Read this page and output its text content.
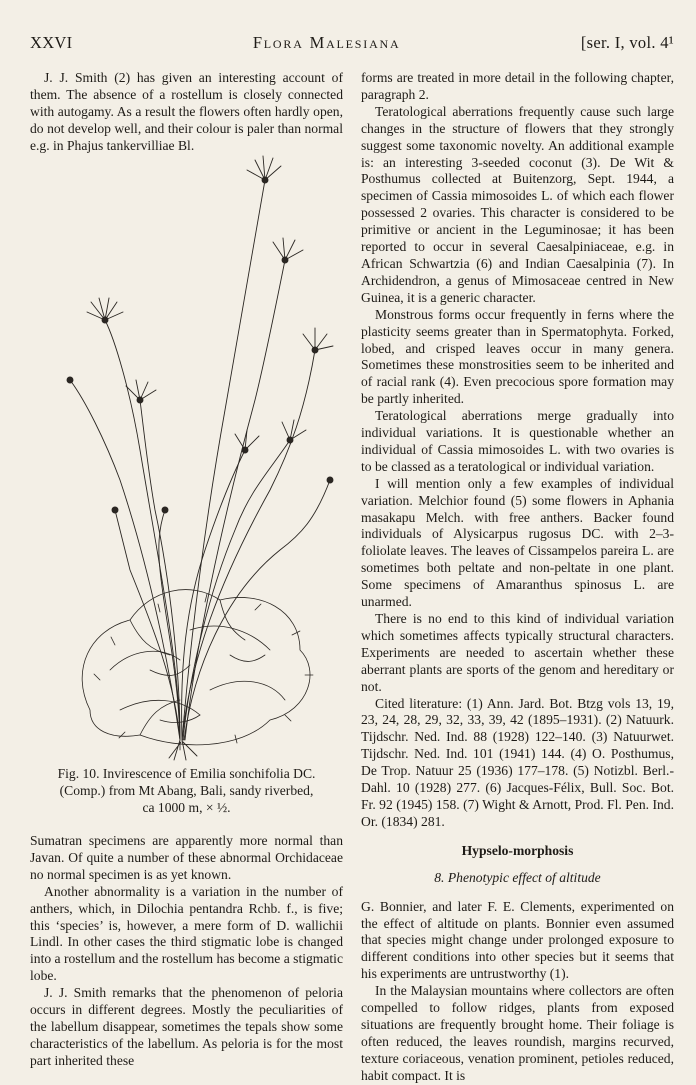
XXVI	Flora Malesiana	[ser. I, vol. 4¹

J. J. Smith (2) has given an interesting account of them. The absence of a rostellum is closely connected with autogamy. As a result the flowers often hardly open, do not develop well, and their colour is paler than normal e.g. in Phajus tankervilliae Bl.

Fig. 10. Invirescence of Emilia sonchifolia DC.
(Comp.) from Mt Abang, Bali, sandy riverbed,
ca 1000 m, × ½.

Sumatran specimens are apparently more normal than Javan. Of quite a number of these abnormal Orchidaceae no normal specimen is as yet known.

Another abnormality is a variation in the number of anthers, which, in Dilochia pentandra Rchb. f., is five; this ‘species’ is, however, a mere form of D. wallichii Lindl. In other cases the third stigmatic lobe is changed into a rostellum and the rostellum has become a stigmatic lobe.

J. J. Smith remarks that the phenomenon of peloria occurs in different degrees. Mostly the peculiarities of the labellum disappear, sometimes the tepals show some characteristics of the labellum. As peloria is for the most part inherited these

forms are treated in more detail in the following chapter, paragraph 2.

Teratological aberrations frequently cause such large changes in the structure of flowers that they strongly suggest some taxonomic novelty. An additional example is: an interesting 3-seeded coconut (3). De Wit & Posthumus collected at Buitenzorg, Sept. 1944, a specimen of Cassia mimosoides L. of which each flower possessed 2 ovaries. This character is considered to be primitive or ancient in the Leguminosae; it has been reported to occur in several Caesalpiniaceae, e.g. in African Schwartzia (6) and Indian Caesalpinia (7). In Archidendron, a genus of Mimosaceae centred in New Guinea, it is a generic character.

Monstrous forms occur frequently in ferns where the plasticity seems greater than in Spermatophyta. Forked, lobed, and crisped leaves occur in many genera. Sometimes these monstrosities seem to be inherited and of racial rank (4). Even precocious spore formation may be partly inherited.

Teratological aberrations merge gradually into individual variations. It is questionable whether an individual of Cassia mimosoides L. with two ovaries is to be classed as a teratological or individual variation.

I will mention only a few examples of individual variation. Melchior found (5) some flowers in Aphania masakapu Melch. with free anthers. Backer found individuals of Alysicarpus rugosus DC. with 2–3-foliolate leaves. The leaves of Cissampelos pareira L. are sometimes both peltate and non-peltate in one plant. Some specimens of Amaranthus spinosus L. are unarmed.

There is no end to this kind of individual variation which sometimes affects typically structural characters. Experiments are needed to ascertain whether these aberrant plants are sports of the genom and hereditary or not.

Cited literature: (1) Ann. Jard. Bot. Btzg vols 13, 19, 23, 24, 28, 29, 32, 33, 39, 42 (1895–1931). (2) Natuurk. Tijdschr. Ned. Ind. 88 (1928) 122–140. (3) Natuurwet. Tijdschr. Ned. Ind. 101 (1941) 144. (4) O. Posthumus, De Trop. Natuur 25 (1936) 177–178. (5) Notizbl. Berl.-Dahl. 10 (1928) 277. (6) Jacques-Félix, Bull. Soc. Bot. Fr. 92 (1945) 158. (7) Wight & Arnott, Prod. Fl. Pen. Ind. Or. (1834) 281.

Hypselo-morphosis
8. Phenotypic effect of altitude

G. Bonnier, and later F. E. Clements, experimented on the effect of altitude on plants. Bonnier even assumed that species might change under prolonged exposure to different conditions into other species but it seems that his experiments are untrustworthy (1).

In the Malaysian mountains where collectors are often compelled to follow ridges, plants from exposed situations are frequently brought home. Their foliage is often reduced, the leaves roundish, margins recurved, texture coriaceous, venation prominent, petioles reduced, habit compact. It is
